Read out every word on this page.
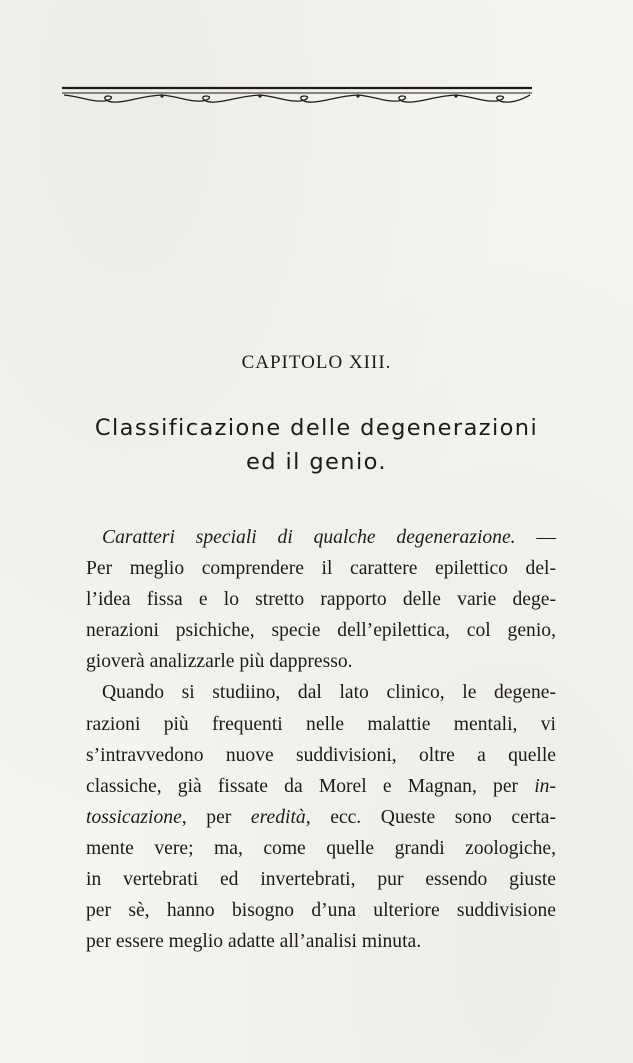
CAPITOLO XIII.
Classificazione delle degenerazioni
ed il genio.
Caratteri speciali di qualche degenerazione. —
Per meglio comprendere il carattere epilettico del-
l’idea fissa e lo stretto rapporto delle varie dege-
nerazioni psichiche, specie dell’epilettica, col genio,
gioverà analizzarle più dappresso.
Quando si studiino, dal lato clinico, le degene-
razioni più frequenti nelle malattie mentali, vi
s’intravvedono nuove suddivisioni, oltre a quelle
classiche, già fissate da Morel e Magnan, per in-
tossicazione, per eredità, ecc. Queste sono certa-
mente vere; ma, come quelle grandi zoologiche,
in vertebrati ed invertebrati, pur essendo giuste
per sè, hanno bisogno d’una ulteriore suddivisione
per essere meglio adatte all’analisi minuta.
